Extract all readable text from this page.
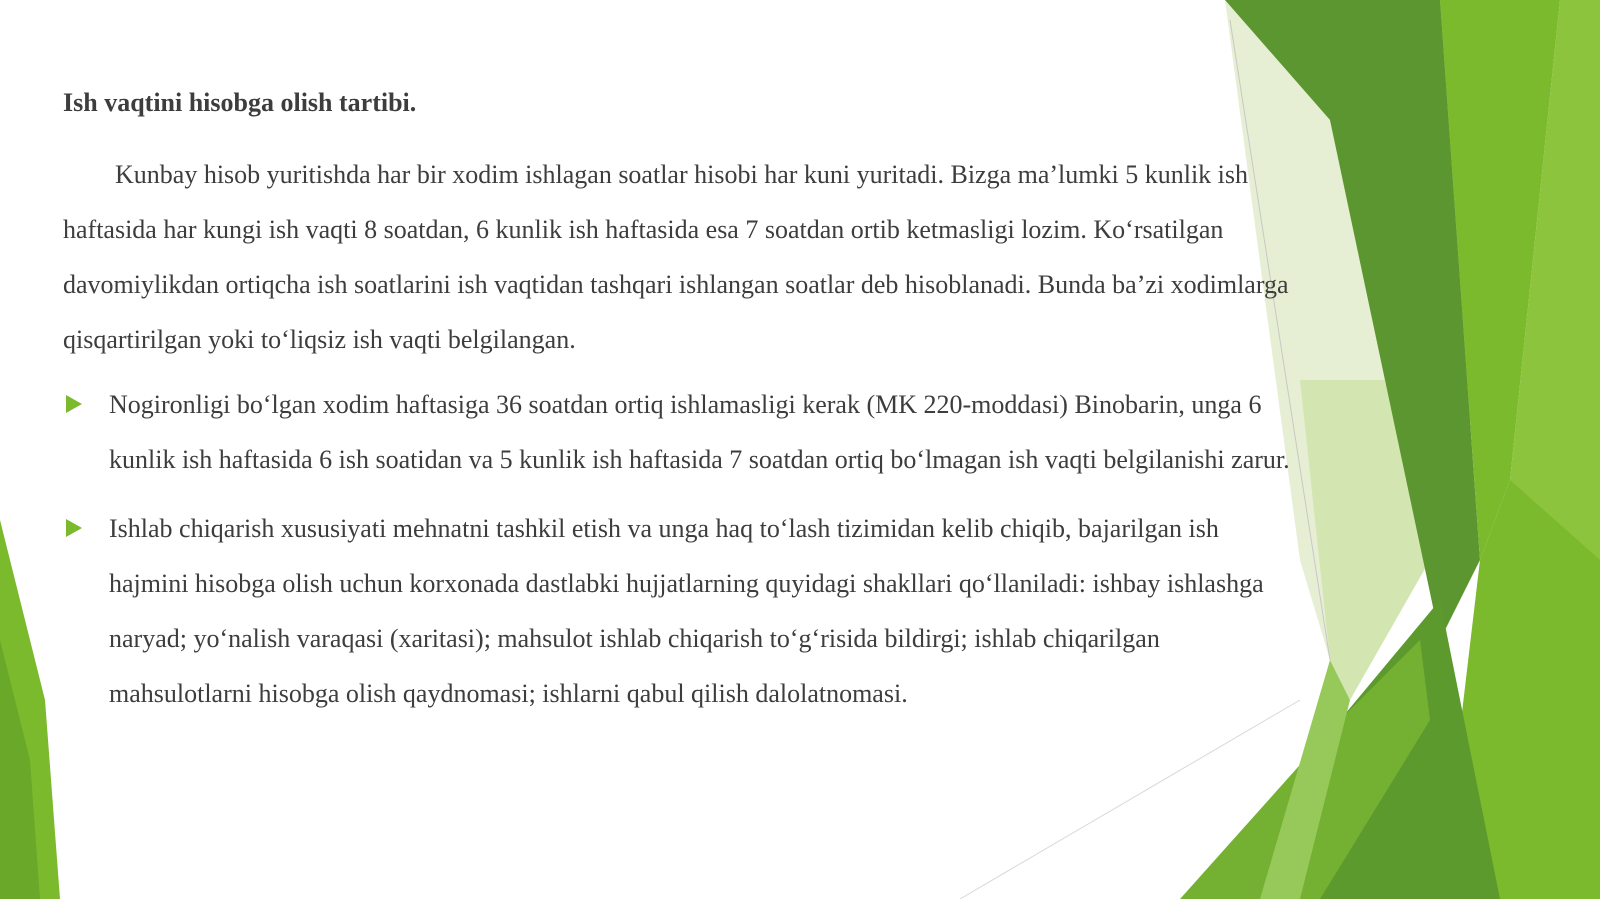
Ish vaqtini hisobga olish tartibi.

Kunbay hisob yuritishda har bir xodim ishlagan soatlar hisobi har kuni yuritadi. Bizga ma’lumki 5 kunlik ish haftasida har kungi ish vaqti 8 soatdan, 6 kunlik ish haftasida esa 7 soatdan ortib ketmasligi lozim. Ko‘rsatilgan davomiylikdan ortiqcha ish soatlarini ish vaqtidan tashqari ishlangan soatlar deb hisoblanadi. Bunda ba’zi xodimlarga qisqartirilgan yoki to‘liqsiz ish vaqti belgilangan.

Nogironligi bo‘lgan xodim haftasiga 36 soatdan ortiq ishlamasligi kerak (MK 220-moddasi) Binobarin, unga 6 kunlik ish haftasida 6 ish soatidan va 5 kunlik ish haftasida 7 soatdan ortiq bo‘lmagan ish vaqti belgilanishi zarur.
Ishlab chiqarish xususiyati mehnatni tashkil etish va unga haq to‘lash tizimidan kelib chiqib, bajarilgan ish hajmini hisobga olish uchun korxonada dastlabki hujjatlarning quyidagi shakllari qo‘llaniladi: ishbay ishlashga naryad; yo‘nalish varaqasi (xaritasi); mahsulot ishlab chiqarish to‘g‘risida bildirgi; ishlab chiqarilgan mahsulotlarni hisobga olish qaydnomasi; ishlarni qabul qilish dalolatnomasi.
